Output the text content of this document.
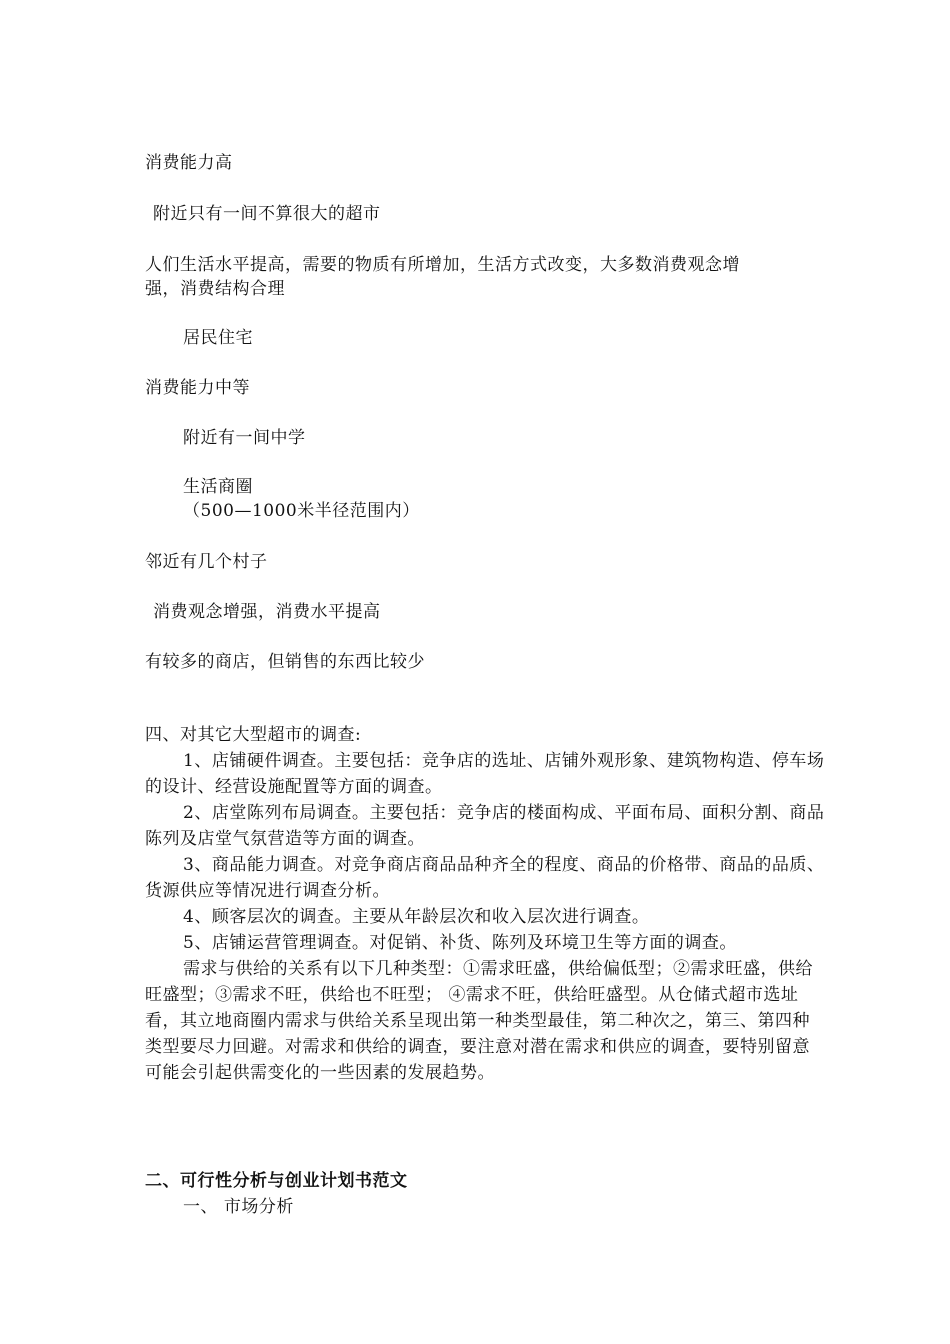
消费能力高
附近只有一间不算很大的超市
人们生活水平提高，需要的物质有所增加，生活方式改变，大多数消费观念增
强，消费结构合理
居民住宅
消费能力中等
附近有一间中学
生活商圈
（500—1000米半径范围内）
邻近有几个村子
消费观念增强，消费水平提高
有较多的商店，但销售的东西比较少

四、对其它大型超市的调查:

1、店铺硬件调查。主要包括：竞争店的选址、店铺外观形象、建筑物构造、停车场的设计、经营设施配置等方面的调查。

2、店堂陈列布局调查。主要包括：竞争店的楼面构成、平面布局、面积分割、商品陈列及店堂气氛营造等方面的调查。

3、商品能力调查。对竞争商店商品品种齐全的程度、商品的价格带、商品的品质、货源供应等情况进行调查分析。

4、顾客层次的调查。主要从年龄层次和收入层次进行调查。

5、店铺运营管理调查。对促销、补货、陈列及环境卫生等方面的调查。

需求与供给的关系有以下几种类型：①需求旺盛，供给偏低型；②需求旺盛，供给旺盛型；③需求不旺，供给也不旺型； ④需求不旺，供给旺盛型。从仓储式超市选址看，其立地商圈内需求与供给关系呈现出第一种类型最佳，第二种次之，第三、第四种类型要尽力回避。对需求和供给的调查，要注意对潜在需求和供应的调查，要特别留意可能会引起供需变化的一些因素的发展趋势。

二、可行性分析与创业计划书范文
一、 市场分析
